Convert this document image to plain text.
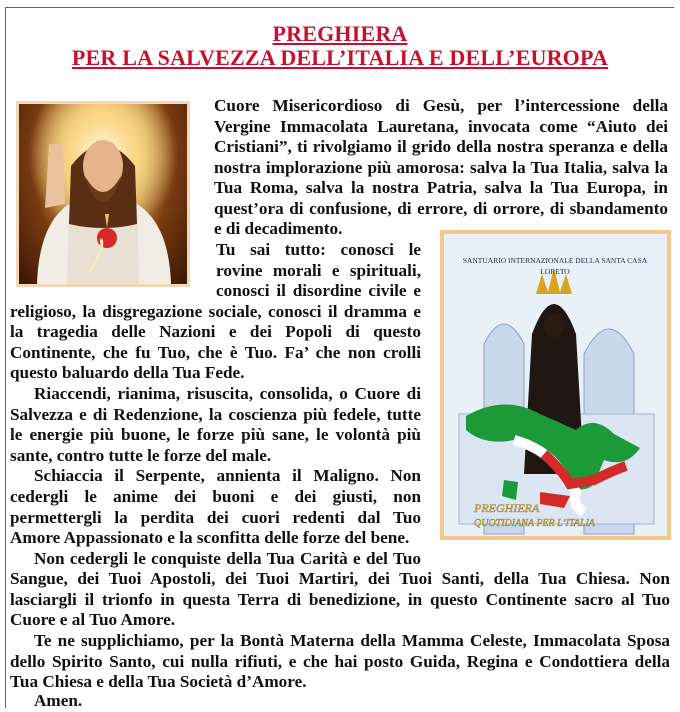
PREGHIERA
PER LA SALVEZZA DELL’ITALIA E DELL’EUROPA
SANTUARIO INTERNAZIONALE DELLA SANTA CASA
LORETO
PREGHIERA
QUOTIDIANA PER L’ITALIA
Cuore Misericordioso di Gesù, per l’intercessione della
Vergine Immacolata Lauretana, invocata come “Aiuto dei
Cristiani”, ti rivolgiamo il grido della nostra speranza e della
nostra implorazione più amorosa: salva la Tua Italia, salva la
Tua Roma, salva la nostra Patria, salva la Tua Europa, in
quest’ora di confusione, di errore, di orrore, di sbandamento
e di decadimento.
Tu sai tutto: conosci le
rovine morali e spirituali,
conosci il disordine civile e
religioso, la disgregazione sociale, conosci il dramma e
la tragedia delle Nazioni e dei Popoli di questo
Continente, che fu Tuo, che è Tuo. Fa’ che non crolli
questo baluardo della Tua Fede.
Riaccendi, rianima, risuscita, consolida, o Cuore di
Salvezza e di Redenzione, la coscienza più fedele, tutte
le energie più buone, le forze più sane, le volontà più
sante, contro tutte le forze del male.
Schiaccia il Serpente, annienta il Maligno. Non
cedergli le anime dei buoni e dei giusti, non
permettergli la perdita dei cuori redenti dal Tuo
Amore Appassionato e la sconfitta delle forze del bene.
Non cedergli le conquiste della Tua Carità e del Tuo
Sangue, dei Tuoi Apostoli, dei Tuoi Martiri, dei Tuoi Santi, della Tua Chiesa. Non
lasciargli il trionfo in questa Terra di benedizione, in questo Continente sacro al Tuo
Cuore e al Tuo Amore.
Te ne supplichiamo, per la Bontà Materna della Mamma Celeste, Immacolata Sposa
dello Spirito Santo, cui nulla rifiuti, e che hai posto Guida, Regina e Condottiera della
Tua Chiesa e della Tua Società d’Amore.
Amen.
